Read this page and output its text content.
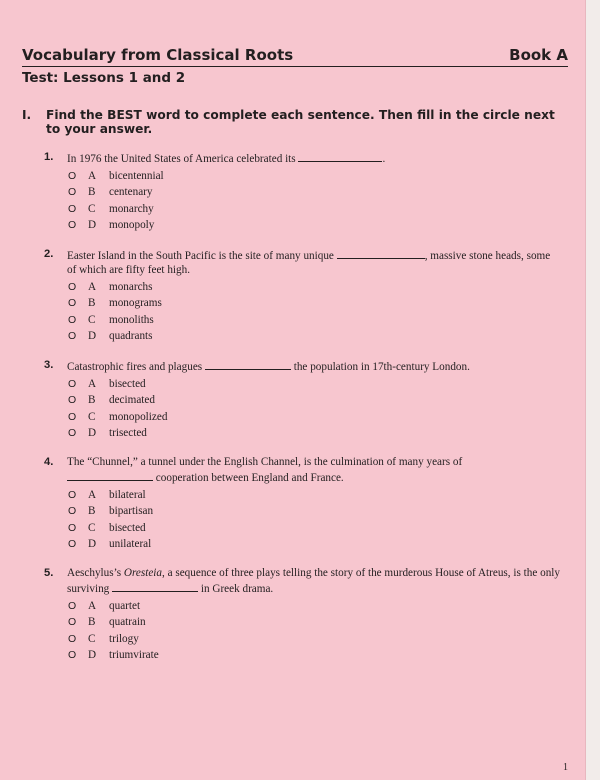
Vocabulary from Classical Roots	Book A
Test: Lessons 1 and 2
I. Find the BEST word to complete each sentence. Then fill in the circle next to your answer.
1. In 1976 the United States of America celebrated its	.
O A bicentennial
O B centenary
O C monarchy
O D monopoly
2. Easter Island in the South Pacific is the site of many unique	, massive stone heads, some of which are fifty feet high.
O A monarchs
O B monograms
O C monoliths
O D quadrants
3. Catastrophic fires and plagues	the population in 17th-century London.
O A bisected
O B decimated
O C monopolized
O D trisected
4. The “Chunnel,” a tunnel under the English Channel, is the culmination of many years of
cooperation between England and France.
O A bilateral
O B bipartisan
O C bisected
O D unilateral
5. Aeschylus’s Oresteia, a sequence of three plays telling the story of the murderous House of Atreus, is the only surviving	in Greek drama.
O A quartet
O B quatrain
O C trilogy
O D triumvirate
1
